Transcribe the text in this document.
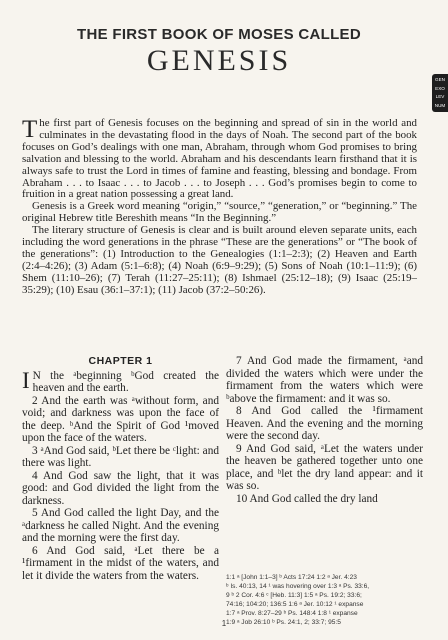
THE FIRST BOOK OF MOSES CALLED
GENESIS
GEN
EXO
LEV
NUM

The first part of Genesis focuses on the beginning and spread of sin in the world and culminates in the devastating flood in the days of Noah. The second part of the book focuses on God’s dealings with one man, Abraham, through whom God promises to bring salvation and blessing to the world. Abraham and his descendants learn firsthand that it is always safe to trust the Lord in times of famine and feasting, blessing and bondage. From Abraham . . . to Isaac . . . to Jacob . . . to Joseph . . . God’s promises begin to come to fruition in a great nation possessing a great land.

Genesis is a Greek word meaning “origin,” “source,” “generation,” or “beginning.” The original Hebrew title Bereshith means “In the Beginning.”

The literary structure of Genesis is clear and is built around eleven separate units, each including the word generations in the phrase “These are the generations” or “The book of the generations”: (1) Introduction to the Genealogies (1:1–2:3); (2) Heaven and Earth (2:4–4:26); (3) Adam (5:1–6:8); (4) Noah (6:9–9:29); (5) Sons of Noah (10:1–11:9); (6) Shem (11:10–26); (7) Terah (11:27–25:11); (8) Ishmael (25:12–18); (9) Isaac (25:19–35:29); (10) Esau (36:1–37:1); (11) Jacob (37:2–50:26).

CHAPTER 1

I N the ᵃbeginning ᵇGod created the heaven and the earth.

2 And the earth was ᵃwithout form, and void; and darkness was upon the face of the deep. ᵇAnd the Spirit of God ¹moved upon the face of the waters.

3 ᵃAnd God said, ᵇLet there be ᶜlight: and there was light.

4 And God saw the light, that it was good: and God divided the light from the darkness.

5 And God called the light Day, and the ᵃdarkness he called Night. And the evening and the morning were the first day.

6 And God said, ᵃLet there be a ¹firmament in the midst of the waters, and let it divide the waters from the waters.

7 And God made the firmament, ᵃand divided the waters which were under the firmament from the waters which were ᵇabove the firmament: and it was so.

8 And God called the ¹firmament Heaven. And the evening and the morning were the second day.

9 And God said, ᵃLet the waters under the heaven be gathered together unto one place, and ᵇlet the dry land appear: and it was so.

10 And God called the dry land

1:1 ᵃ [John 1:1–3] ᵇ Acts 17:24 1:2 ᵃ Jer. 4:23
ᵇ Is. 40:13, 14 ¹ was hovering over 1:3 ᵃ Ps. 33:6,
9 ᵇ 2 Cor. 4:6 ᶜ [Heb. 11:3] 1:5 ᵃ Ps. 19:2; 33:6;
74:16; 104:20; 136:5 1:6 ᵃ Jer. 10:12 ¹ expanse
1:7 ᵃ Prov. 8:27–29 ᵇ Ps. 148:4 1:8 ¹ expanse
1:9 ᵃ Job 26:10 ᵇ Ps. 24:1, 2; 33:7; 95:5
1
